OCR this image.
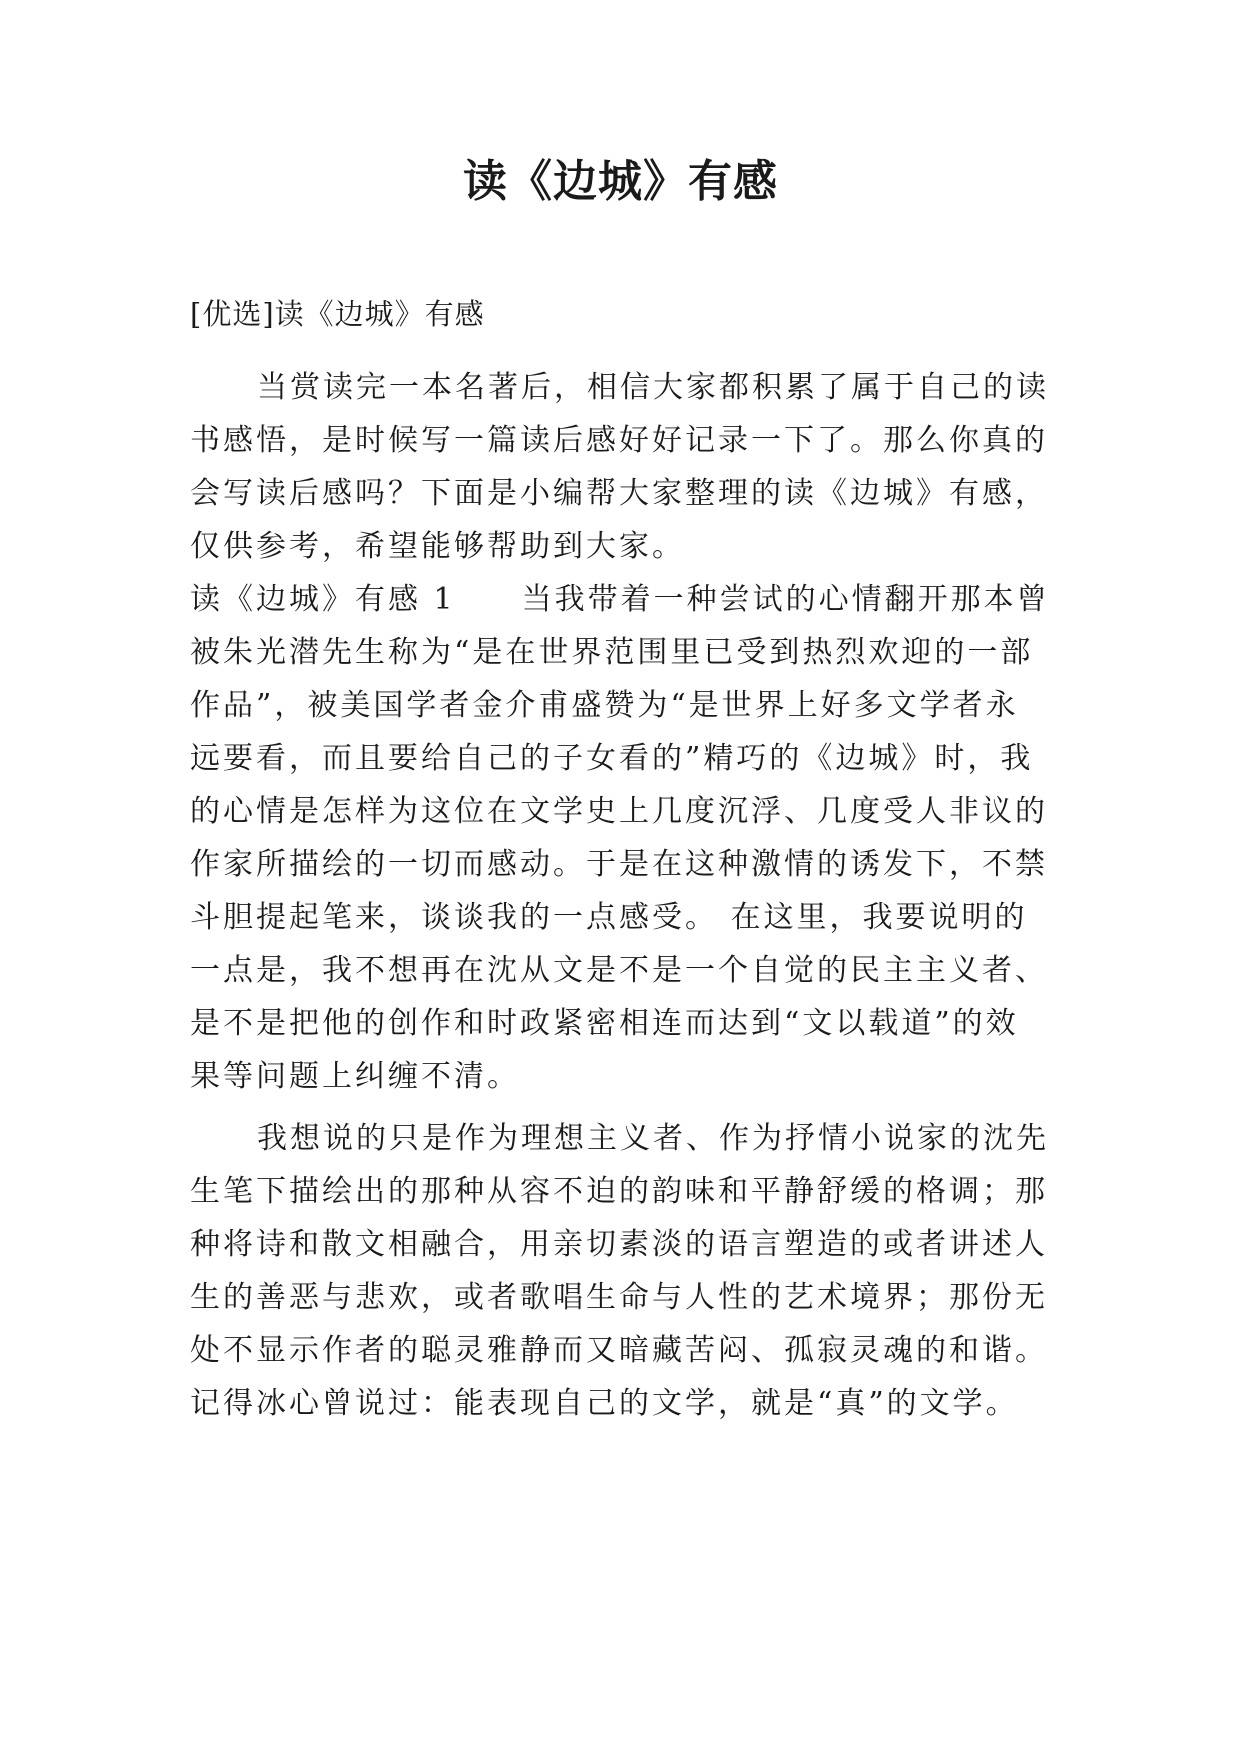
读《边城》有感

[优选]读《边城》有感

当赏读完一本名著后，相信大家都积累了属于自己的读

书感悟，是时候写一篇读后感好好记录一下了。那么你真的

会写读后感吗？下面是小编帮大家整理的读《边城》有感，

仅供参考，希望能够帮助到大家。

读《边城》有感 1　　当我带着一种尝试的心情翻开那本曾

被朱光潜先生称为“是在世界范围里已受到热烈欢迎的一部

作品”，被美国学者金介甫盛赞为“是世界上好多文学者永

远要看，而且要给自己的子女看的”精巧的《边城》时，我

的心情是怎样为这位在文学史上几度沉浮、几度受人非议的

作家所描绘的一切而感动。于是在这种激情的诱发下，不禁

斗胆提起笔来，谈谈我的一点感受。 在这里，我要说明的

一点是，我不想再在沈从文是不是一个自觉的民主主义者、

是不是把他的创作和时政紧密相连而达到“文以载道”的效

果等问题上纠缠不清。

我想说的只是作为理想主义者、作为抒情小说家的沈先

生笔下描绘出的那种从容不迫的韵味和平静舒缓的格调；那

种将诗和散文相融合，用亲切素淡的语言塑造的或者讲述人

生的善恶与悲欢，或者歌唱生命与人性的艺术境界；那份无

处不显示作者的聪灵雅静而又暗藏苦闷、孤寂灵魂的和谐。

记得冰心曾说过：能表现自己的文学，就是“真”的文学。
